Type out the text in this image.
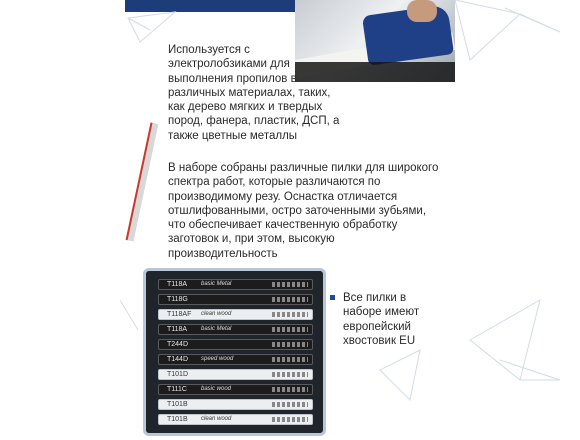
Используется с электролобзиками для выполнения пропилов в различных материалах, таких, как дерево мягких и твердых пород, фанера, пластик, ДСП, а также цветные металлы
В наборе собраны различные пилки для широкого спектра работ, которые различаются по производимому резу. Оснастка отличается отшлифованными, остро заточенными зубьями, что обеспечивает качественную обработку заготовок и, при этом, высокую производительность
T118A basic Metal
T118G
T118AF clean wood
T118A basic Metal
T244D
T144D speed wood
T101D
T111C basic wood
T101B
T101B clean wood
Все пилки в наборе имеют европейский хвостовик EU
